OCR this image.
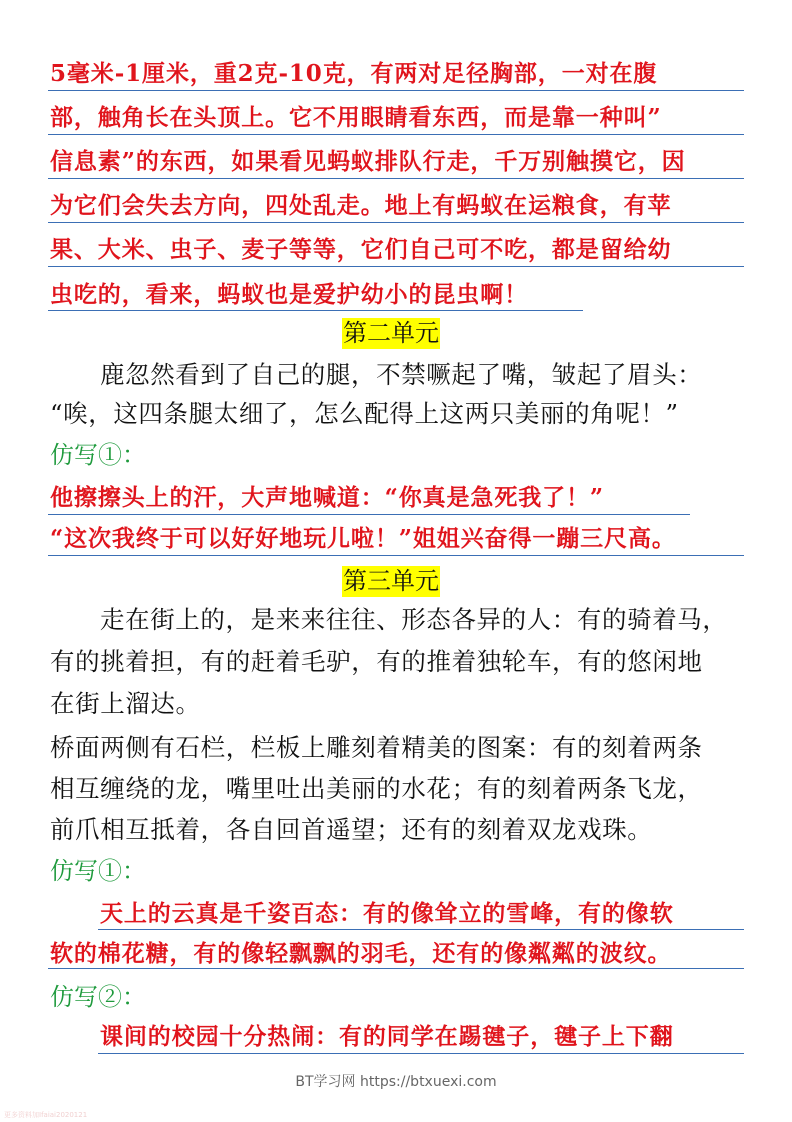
5毫米-1厘米，重2克-10克，有两对足径胸部，一对在腹
部，触角长在头顶上。它不用眼睛看东西，而是靠一种叫”
信息素”的东西，如果看见蚂蚁排队行走，千万别触摸它，因
为它们会失去方向，四处乱走。地上有蚂蚁在运粮食，有苹
果、大米、虫子、麦子等等，它们自己可不吃，都是留给幼
虫吃的，看来，蚂蚁也是爱护幼小的昆虫啊！
第二单元
鹿忽然看到了自己的腿，不禁噘起了嘴，皱起了眉头：
“唉，这四条腿太细了，怎么配得上这两只美丽的角呢！”
仿写①：
他擦擦头上的汗，大声地喊道：“你真是急死我了！”
“这次我终于可以好好地玩儿啦！”姐姐兴奋得一蹦三尺高。
第三单元
走在街上的，是来来往往、形态各异的人：有的骑着马，
有的挑着担，有的赶着毛驴，有的推着独轮车，有的悠闲地
在街上溜达。
桥面两侧有石栏，栏板上雕刻着精美的图案：有的刻着两条
相互缠绕的龙，嘴里吐出美丽的水花；有的刻着两条飞龙，
前爪相互抵着，各自回首遥望；还有的刻着双龙戏珠。
仿写①：
天上的云真是千姿百态：有的像耸立的雪峰，有的像软
软的棉花糖，有的像轻飘飘的羽毛，还有的像粼粼的波纹。
仿写②：
课间的校园十分热闹：有的同学在踢毽子，毽子上下翻
BT学习网 https://btxuexi.com
更多资料加Ifaiai2020121
